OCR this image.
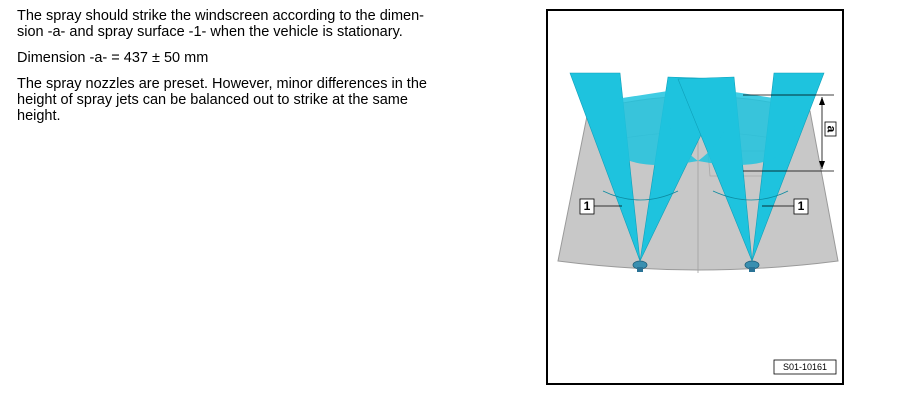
The spray should strike the windscreen according to the dimen-
sion -a- and spray surface -1- when the vehicle is stationary.

Dimension -a- = 437 ± 50 mm

The spray nozzles are preset. However, minor differences in the
height of spray jets can be balanced out to strike at the same
height.

a
1	1
S01-10161
